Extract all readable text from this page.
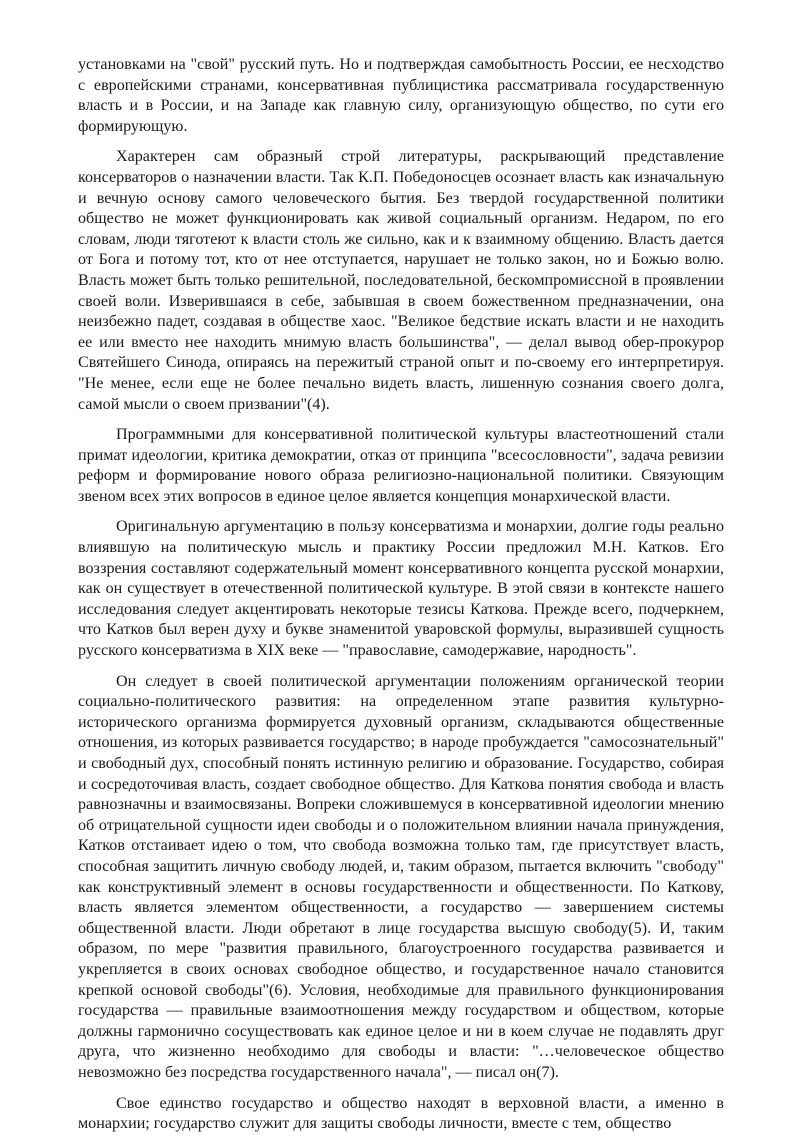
установками на "свой" русский путь. Но и подтверждая самобытность России, ее несходство с европейскими странами, консервативная публицистика рассматривала государственную власть и в России, и на Западе как главную силу, организующую общество, по сути его формирующую.

Характерен сам образный строй литературы, раскрывающий представление консерваторов о назначении власти. Так К.П. Победоносцев осознает власть как изначальную и вечную основу самого человеческого бытия. Без твердой государственной политики общество не может функционировать как живой социальный организм. Недаром, по его словам, люди тяготеют к власти столь же сильно, как и к взаимному общению. Власть дается от Бога и потому тот, кто от нее отступается, нарушает не только закон, но и Божью волю. Власть может быть только решительной, последовательной, бескомпромиссной в проявлении своей воли. Изверившаяся в себе, забывшая в своем божественном предназначении, она неизбежно падет, создавая в обществе хаос. "Великое бедствие искать власти и не находить ее или вместо нее находить мнимую власть большинства", — делал вывод обер-прокурор Святейшего Синода, опираясь на пережитый страной опыт и по-своему его интерпретируя. "Не менее, если еще не более печально видеть власть, лишенную сознания своего долга, самой мысли о своем призвании"(4).

Программными для консервативной политической культуры властеотношений стали примат идеологии, критика демократии, отказ от принципа "всесословности", задача ревизии реформ и формирование нового образа религиозно-национальной политики. Связующим звеном всех этих вопросов в единое целое является концепция монархической власти.

Оригинальную аргументацию в пользу консерватизма и монархии, долгие годы реально влиявшую на политическую мысль и практику России предложил М.Н. Катков. Его воззрения составляют содержательный момент консервативного концепта русской монархии, как он существует в отечественной политической культуре. В этой связи в контексте нашего исследования следует акцентировать некоторые тезисы Каткова. Прежде всего, подчеркнем, что Катков был верен духу и букве знаменитой уваровской формулы, выразившей сущность русского консерватизма в XIX веке — "православие, самодержавие, народность".

Он следует в своей политической аргументации положениям органической теории социально-политического развития: на определенном этапе развития культурно-исторического организма формируется духовный организм, складываются общественные отношения, из которых развивается государство; в народе пробуждается "самосознательный" и свободный дух, способный понять истинную религию и образование. Государство, собирая и сосредоточивая власть, создает свободное общество. Для Каткова понятия свобода и власть равнозначны и взаимосвязаны. Вопреки сложившемуся в консервативной идеологии мнению об отрицательной сущности идеи свободы и о положительном влиянии начала принуждения, Катков отстаивает идею о том, что свобода возможна только там, где присутствует власть, способная защитить личную свободу людей, и, таким образом, пытается включить "свободу" как конструктивный элемент в основы государственности и общественности. По Каткову, власть является элементом общественности, а государство — завершением системы общественной власти. Люди обретают в лице государства высшую свободу(5). И, таким образом, по мере "развития правильного, благоустроенного государства развивается и укрепляется в своих основах свободное общество, и государственное начало становится крепкой основой свободы"(6). Условия, необходимые для правильного функционирования государства — правильные взаимоотношения между государством и обществом, которые должны гармонично сосуществовать как единое целое и ни в коем случае не подавлять друг друга, что жизненно необходимо для свободы и власти: "…человеческое общество невозможно без посредства государственного начала", — писал он(7).

Свое единство государство и общество находят в верховной власти, а именно в монархии; государство служит для защиты свободы личности, вместе с тем, общество
